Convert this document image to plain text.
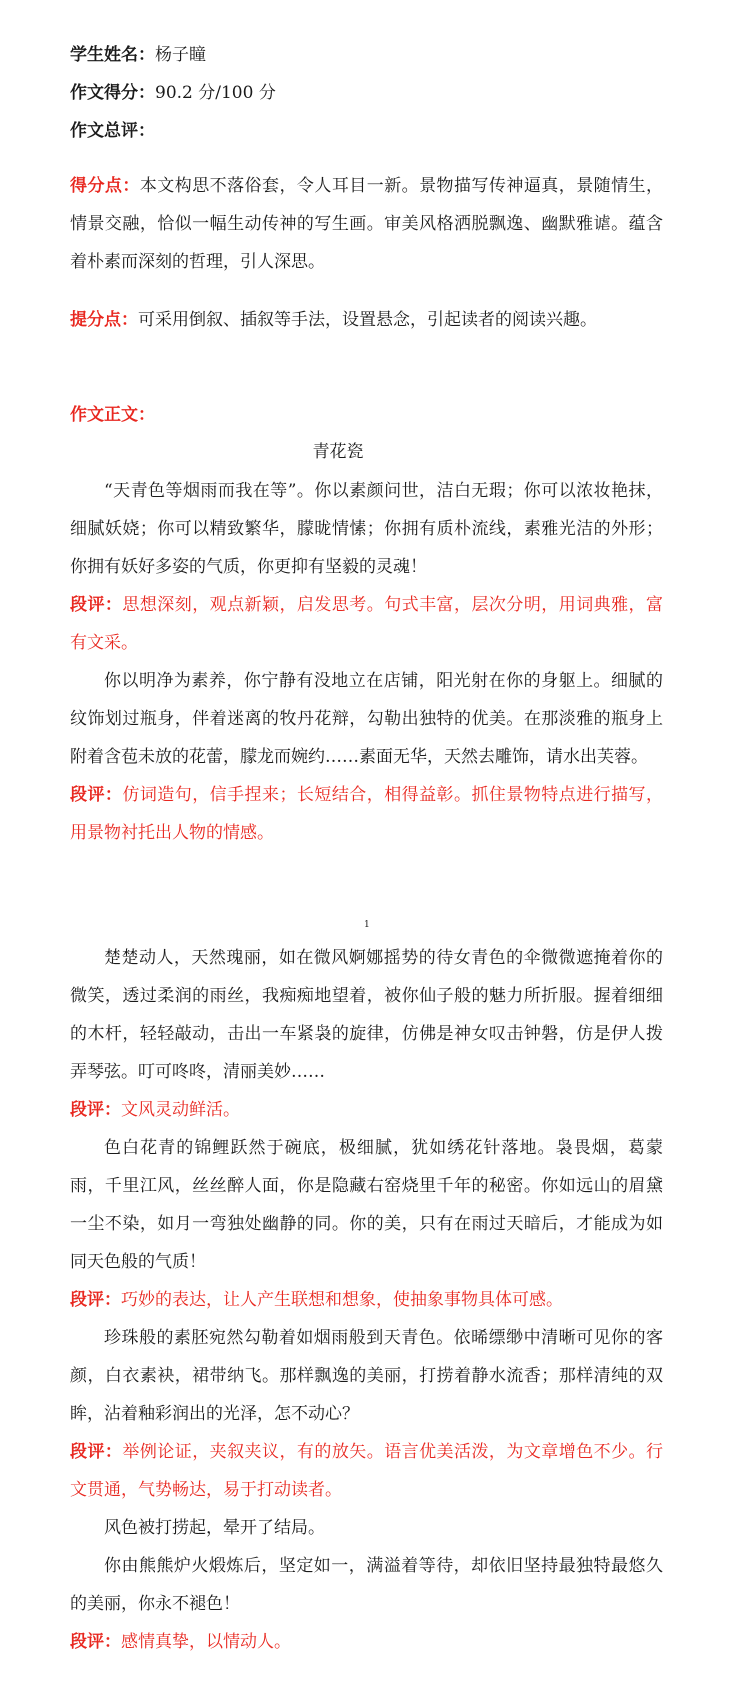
学生姓名：杨子瞳
作文得分：90.2 分/100 分
作文总评：
得分点：本文构思不落俗套，令人耳目一新。景物描写传神逼真，景随情生，情景交融，恰似一幅生动传神的写生画。审美风格洒脱飘逸、幽默雅谑。蕴含着朴素而深刻的哲理，引人深思。
提分点：可采用倒叙、插叙等手法，设置悬念，引起读者的阅读兴趣。
作文正文：
青花瓷

“天青色等烟雨而我在等”。你以素颜问世，洁白无瑕；你可以浓妆艳抹，细腻妖娆；你可以精致繁华，朦昽情愫；你拥有质朴流线，素雅光洁的外形；你拥有妖好多姿的气质，你更抑有坚毅的灵魂！

段评：思想深刻，观点新颖，启发思考。句式丰富，层次分明，用词典雅，富有文采。

你以明净为素养，你宁静有没地立在店铺，阳光射在你的身躯上。细腻的纹饰划过瓶身，伴着迷离的牧丹花辩，勾勒出独特的优美。在那淡雅的瓶身上附着含苞未放的花蕾，朦龙而婉约……素面无华，天然去雕饰，请水出芙蓉。

段评：仿词造句，信手捏来；长短结合，相得益彰。抓住景物特点进行描写，用景物衬托出人物的情感。

1

楚楚动人，天然瑰丽，如在微风婀娜摇势的待女青色的伞微微遮掩着你的微笑，透过柔润的雨丝，我痴痴地望着，被你仙子般的魅力所折服。握着细细的木杆，轻轻敲动，击出一车紧袅的旋律，仿佛是神女叹击钟磐，仿是伊人拨弄琴弦。叮可咚咚，清丽美妙……

段评：文风灵动鲜活。

色白花青的锦鲤跃然于碗底，极细腻，犹如绣花针落地。袅畏烟，葛蒙雨，千里江风，丝丝醉人面，你是隐藏右窑烧里千年的秘密。你如远山的眉黛一尘不染，如月一弯独处幽静的同。你的美，只有在雨过天暗后，才能成为如同天色般的气质！

段评：巧妙的表达，让人产生联想和想象，使抽象事物具体可感。

珍珠般的素胚宛然勾勒着如烟雨般到天青色。依晞缥缈中清晰可见你的客颜，白衣素袂，裙带纳飞。那样飘逸的美丽，打捞着静水流香；那样清纯的双眸，沾着釉彩润出的光泽，怎不动心？

段评：举例论证，夹叙夹议，有的放矢。语言优美活泼，为文章增色不少。行文贯通，气势畅达，易于打动读者。

风色被打捞起，晕开了结局。

你由熊熊炉火煅炼后，坚定如一，满溢着等待，却依旧坚持最独特最悠久的美丽，你永不褪色！

段评：感情真挚，以情动人。
